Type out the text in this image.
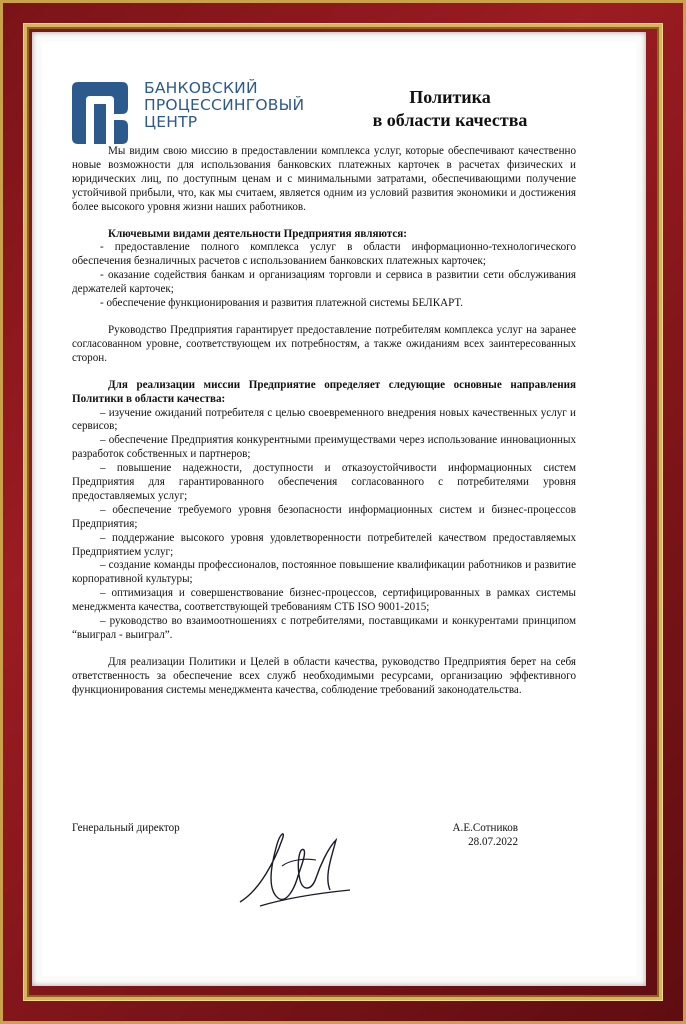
БАНКОВСКИЙ
ПРОЦЕССИНГОВЫЙ
ЦЕНТР
Политика
в области качества

Мы видим свою миссию в предоставлении комплекса услуг, которые обеспечивают качественно новые возможности для использования банковских платежных карточек в расчетах физических и юридических лиц, по доступным ценам и с минимальными затратами, обеспечивающими получение устойчивой прибыли, что, как мы считаем, является одним из условий развития экономики и достижения более высокого уровня жизни наших работников.

Ключевыми видами деятельности Предприятия являются:

- предоставление полного комплекса услуг в области информационно-технологического обеспечения безналичных расчетов с использованием банковских платежных карточек;

- оказание содействия банкам и организациям торговли и сервиса в развитии сети обслуживания держателей карточек;

- обеспечение функционирования и развития платежной системы БЕЛКАРТ.

Руководство Предприятия гарантирует предоставление потребителям комплекса услуг на заранее согласованном уровне, соответствующем их потребностям, а также ожиданиям всех заинтересованных сторон.

Для реализации миссии Предприятие определяет следующие основные направления Политики в области качества:

– изучение ожиданий потребителя с целью своевременного внедрения новых качественных услуг и сервисов;

– обеспечение Предприятия конкурентными преимуществами через использование инновационных разработок собственных и партнеров;

– повышение надежности, доступности и отказоустойчивости информационных систем Предприятия для гарантированного обеспечения согласованного с потребителями уровня предоставляемых услуг;

– обеспечение требуемого уровня безопасности информационных систем и бизнес-процессов Предприятия;

– поддержание высокого уровня удовлетворенности потребителей качеством предоставляемых Предприятием услуг;

– создание команды профессионалов, постоянное повышение квалификации работников и развитие корпоративной культуры;

– оптимизация и совершенствование бизнес-процессов, сертифицированных в рамках системы менеджмента качества, соответствующей требованиям СТБ ISO 9001-2015;

– руководство во взаимоотношениях с потребителями, поставщиками и конкурентами принципом “выиграл - выиграл”.

Для реализации Политики и Целей в области качества, руководство Предприятия берет на себя ответственность за обеспечение всех служб необходимыми ресурсами, организацию эффективного функционирования системы менеджмента качества, соблюдение требований законодательства.

Генеральный директор	А.Е.Сотников
28.07.2022
